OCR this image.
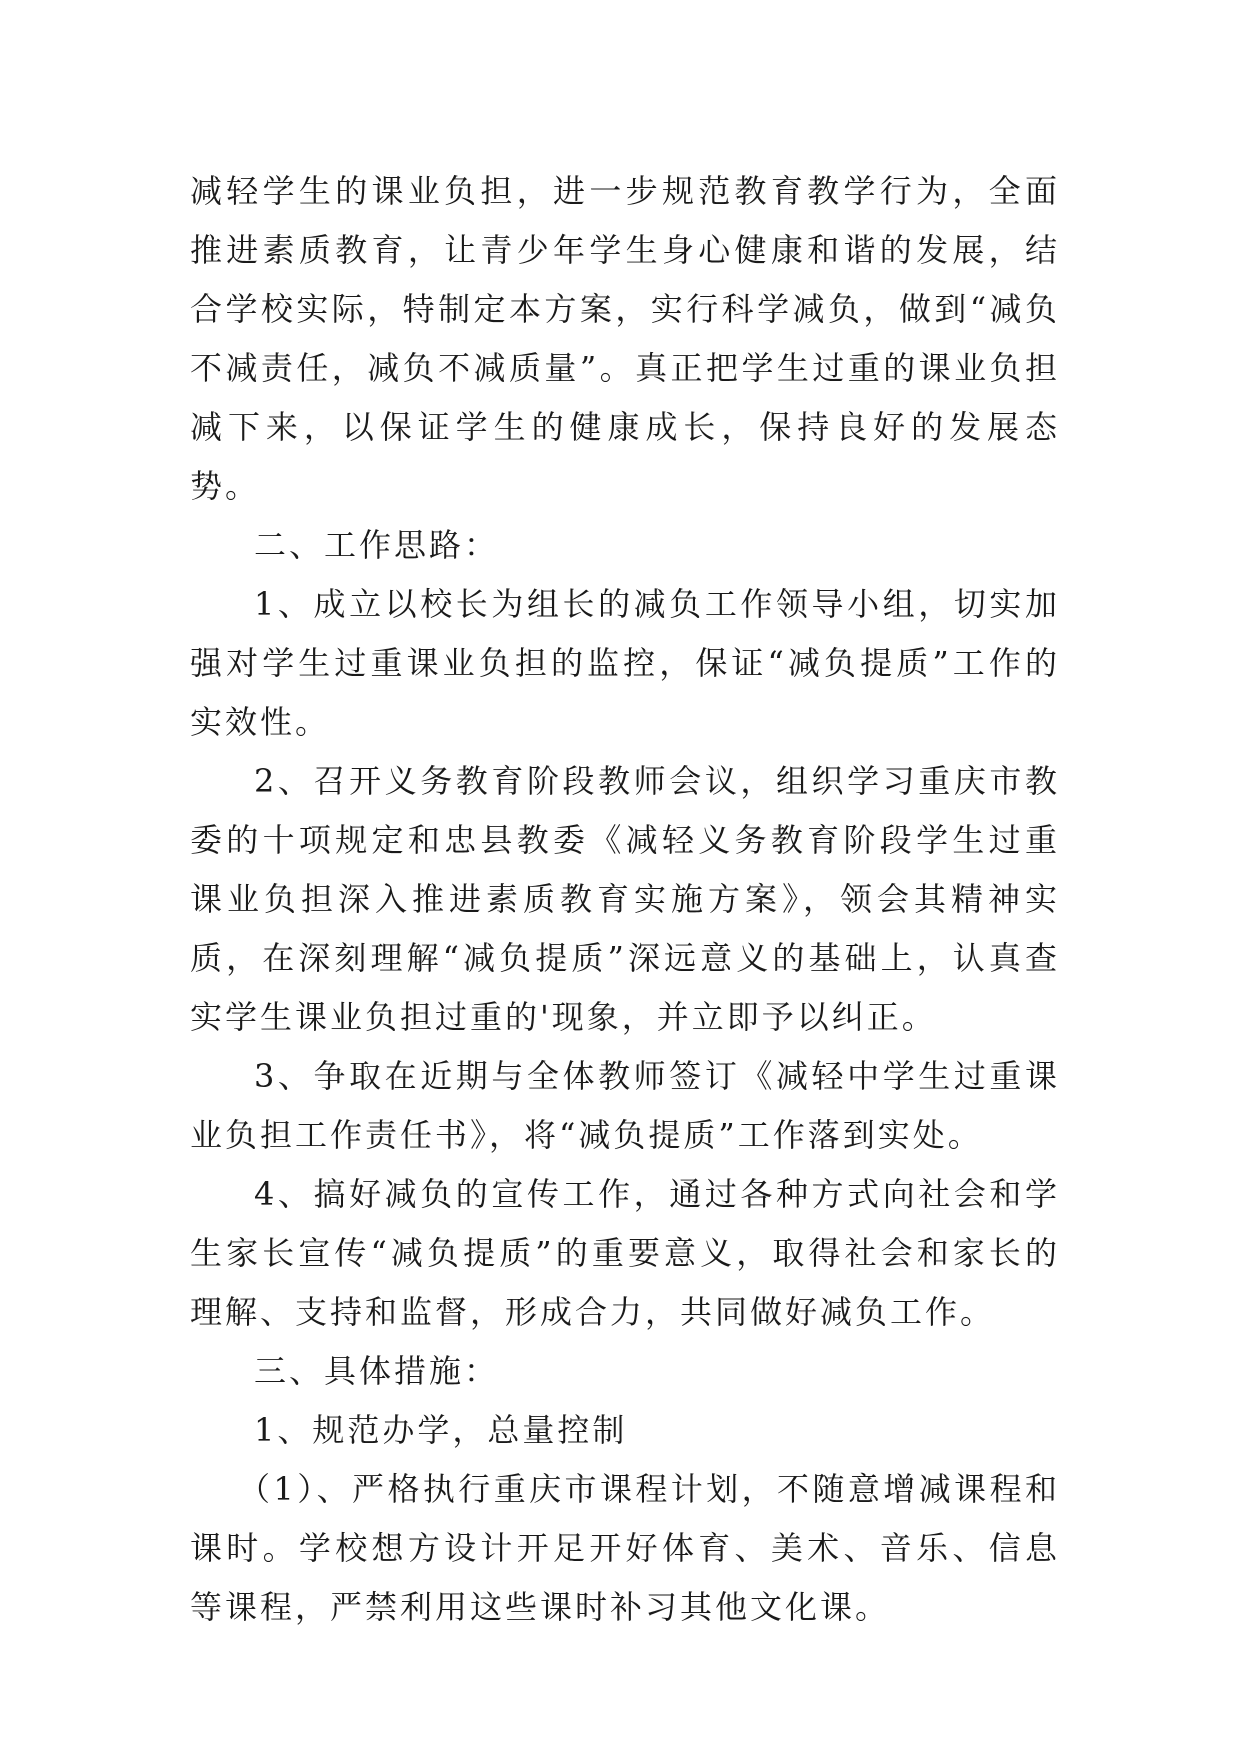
减轻学生的课业负担，进一步规范教育教学行为，全面推进素质教育，让青少年学生身心健康和谐的发展，结合学校实际，特制定本方案，实行科学减负，做到“减负不减责任，减负不减质量”。真正把学生过重的课业负担减下来，以保证学生的健康成长，保持良好的发展态势。

二、工作思路：

1、成立以校长为组长的减负工作领导小组，切实加强对学生过重课业负担的监控，保证“减负提质”工作的实效性。

2、召开义务教育阶段教师会议，组织学习重庆市教委的十项规定和忠县教委《减轻义务教育阶段学生过重课业负担深入推进素质教育实施方案》，领会其精神实质，在深刻理解“减负提质”深远意义的基础上，认真查实学生课业负担过重的'现象，并立即予以纠正。

3、争取在近期与全体教师签订《减轻中学生过重课业负担工作责任书》，将“减负提质”工作落到实处。

4、搞好减负的宣传工作，通过各种方式向社会和学生家长宣传“减负提质”的重要意义，取得社会和家长的理解、支持和监督，形成合力，共同做好减负工作。

三、具体措施：

1、规范办学，总量控制

（1）、严格执行重庆市课程计划，不随意增减课程和课时。学校想方设计开足开好体育、美术、音乐、信息等课程，严禁利用这些课时补习其他文化课。
